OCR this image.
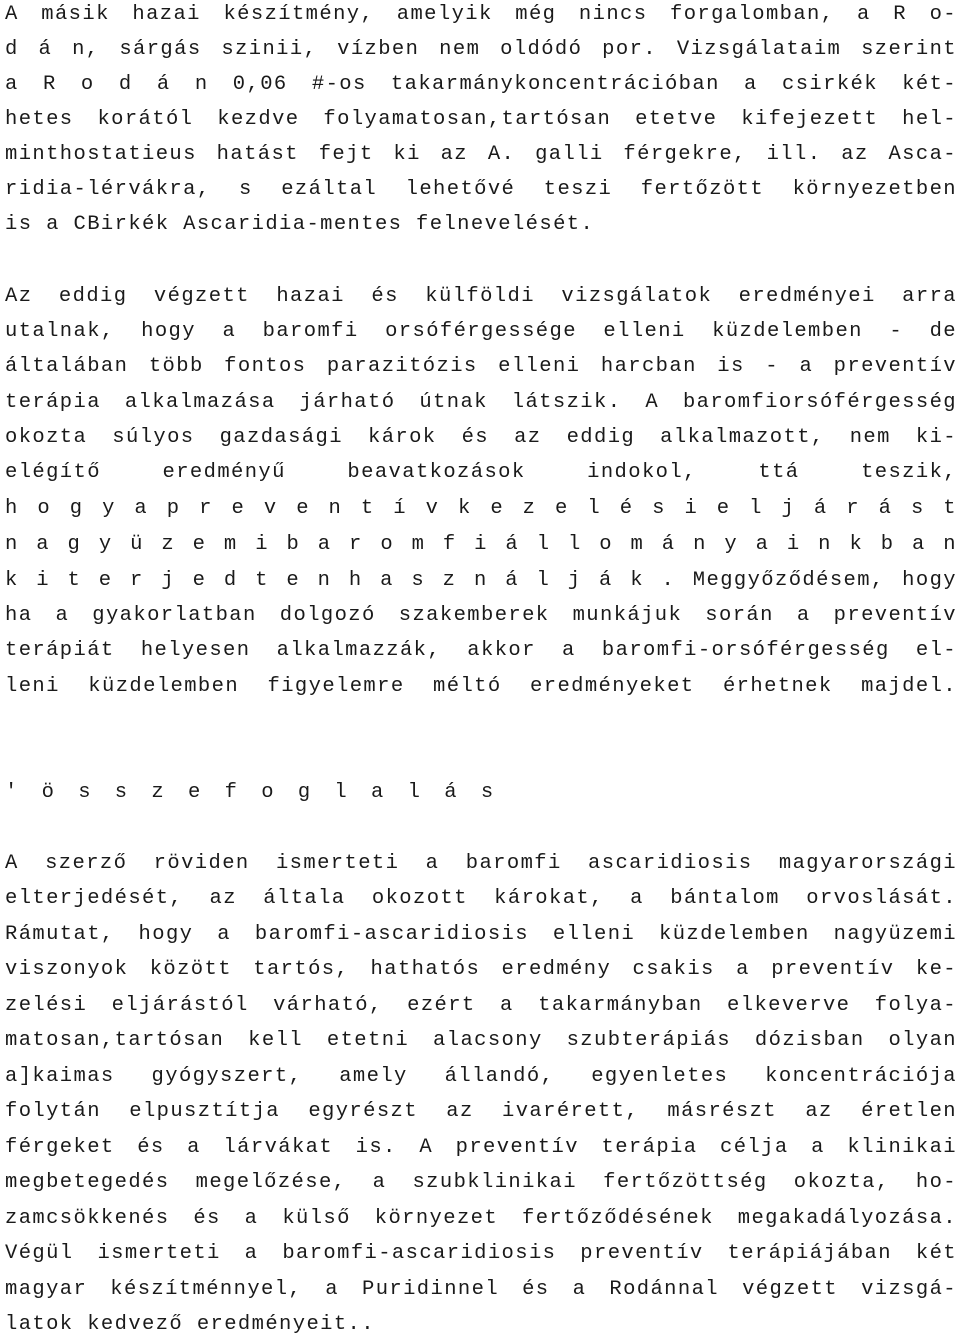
A másik hazai készítmény, amelyik még nincs forgalomban, a R o-
d á n, sárgás szinii, vízben nem oldódó por. Vizsgálataim szerint
a R o d á n 0,06 #-os takarmánykoncentrációban a csirkék két-
hetes korától kezdve folyamatosan,tartósan etetve kifejezett hel-
minthostatieus hatást fejt ki az A. galli férgekre, ill. az Asca-
ridia-lérvákra, s ezáltal lehetővé teszi fertőzött környezetben
is a CBirkék Ascaridia-mentes felnevelését.
Az eddig végzett hazai és külföldi vizsgálatok eredményei arra
utalnak, hogy a baromfi orsóférgessége elleni küzdelemben - de
általában több fontos parazitózis elleni harcban is - a preventív
terápia alkalmazása járható útnak látszik. A baromfiorsóférgesség
okozta súlyos gazdasági károk és az eddig alkalmazott, nem ki-
elégítő eredményű beavatkozások indokol, ttá teszik,
h o g y a p r e v e n t í v k e z e l é s i e l j á r á s t
n a g y ü z e m i b a r o m f i á l l o m á n y a i n k b a n
k i t e r j e d t e n h a s z n á l j á k . Meggyőződésem, hogy
ha a gyakorlatban dolgozó szakemberek munkájuk során a preventív
terápiát helyesen alkalmazzák, akkor a baromfi-orsóférgesség el-
leni küzdelemben figyelemre méltó eredményeket érhetnek majdel.
' ö s s z e f o g l a l á s
A szerző röviden ismerteti a baromfi ascaridiosis magyarországi
elterjedését, az általa okozott károkat, a bántalom orvoslását.
Rámutat, hogy a baromfi-ascaridiosis elleni küzdelemben nagyüzemi
viszonyok között tartós, hathatós eredmény csakis a preventív ke-
zelési eljárástól várható, ezért a takarmányban elkeverve folya-
matosan,tartósan kell etetni alacsony szubterápiás dózisban olyan
a]kaimas gyógyszert, amely állandó, egyenletes koncentrációja
folytán elpusztítja egyrészt az ivarérett, másrészt az éretlen
férgeket és a lárvákat is. A preventív terápia célja a klinikai
megbetegedés megelőzése, a szubklinikai fertőzöttség okozta, ho-
zamcsökkenés és a külső környezet fertőződésének megakadályozása.
Végül ismerteti a baromfi-ascaridiosis preventív terápiájában két
magyar készítménnyel, a Puridinnel és a Rodánnal végzett vizsgá-
latok kedvező eredményeit..
